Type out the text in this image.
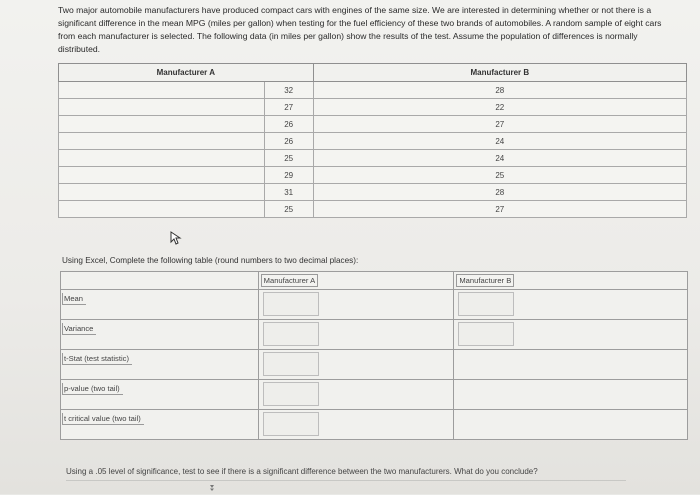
Two major automobile manufacturers have produced compact cars with engines of the same size. We are interested in determining whether or not there is a significant difference in the mean MPG (miles per gallon) when testing for the fuel efficiency of these two brands of automobiles. A random sample of eight cars from each manufacturer is selected. The following data (in miles per gallon) show the results of the test. Assume the population of differences is normally distributed.
Manufacturer A		Manufacturer B
	32	28
	27	22
	26	27
	26	24
	25	24
	29	25
	31	28
	25	27
Using Excel, Complete the following table (round numbers to two decimal places):
	Manufacturer A	Manufacturer B
Mean	

Variance	

t-Stat (test statistic)	

p-value (two tail)	

t critical value (two tail)	

Using a .05 level of significance, test to see if there is a significant difference between the two manufacturers. What do you conclude?
